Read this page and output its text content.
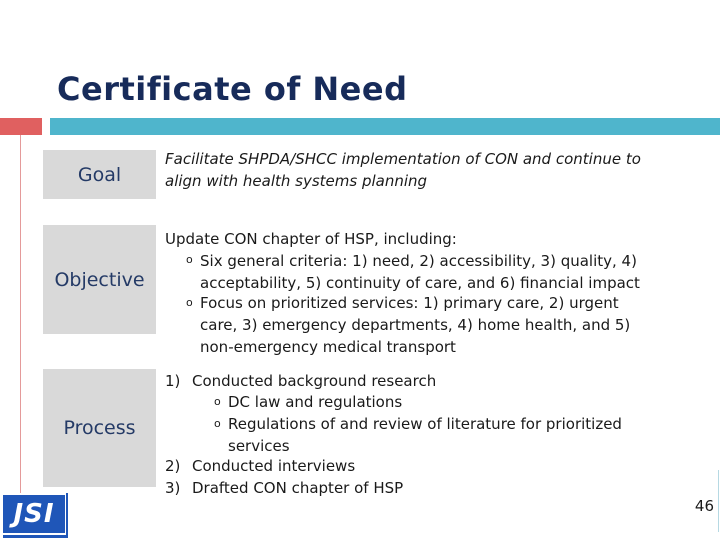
Certificate of Need
Goal
Facilitate SHPDA/SHCC implementation of CON and continue to
align with health systems planning
Objective
Update CON chapter of HSP, including:
o Six general criteria: 1) need, 2) accessibility, 3) quality, 4)
acceptability, 5) continuity of care, and 6) financial impact
o Focus on prioritized services: 1) primary care, 2) urgent
care, 3) emergency departments, 4) home health, and 5)
non-emergency medical transport
Process
1) Conducted background research
o DC law and regulations
o Regulations of and review of literature for prioritized
services
2) Conducted interviews
3) Drafted CON chapter of HSP
JSI	46
